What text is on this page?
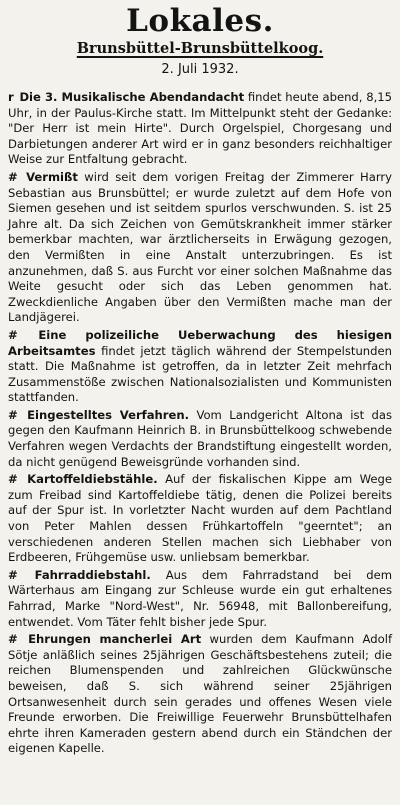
Lokales.
Brunsbüttel-Brunsbüttelkoog.
2. Juli 1932.

r Die 3. Musikalische Abendandacht findet heute abend, 8,15 Uhr, in der Paulus-Kirche statt. Im Mittelpunkt steht der Gedanke: "Der Herr ist mein Hirte". Durch Orgelspiel, Chorgesang und Darbietungen anderer Art wird er in ganz besonders reichhaltiger Weise zur Entfaltung gebracht.

# Vermißt wird seit dem vorigen Freitag der Zimmerer Harry Sebastian aus Brunsbüttel; er wurde zuletzt auf dem Hofe von Siemen gesehen und ist seitdem spurlos verschwunden. S. ist 25 Jahre alt. Da sich Zeichen von Gemütskrankheit immer stärker bemerkbar machten, war ärztlicherseits in Erwägung gezogen, den Vermißten in eine Anstalt unterzubringen. Es ist anzunehmen, daß S. aus Furcht vor einer solchen Maßnahme das Weite gesucht oder sich das Leben genommen hat. Zweckdienliche Angaben über den Vermißten mache man der Landjägerei.

# Eine polizeiliche Ueberwachung des hiesigen Arbeitsamtes findet jetzt täglich während der Stempelstunden statt. Die Maßnahme ist getroffen, da in letzter Zeit mehrfach Zusammenstöße zwischen Nationalsozialisten und Kommunisten stattfanden.

# Eingestelltes Verfahren. Vom Landgericht Altona ist das gegen den Kaufmann Heinrich B. in Brunsbüttelkoog schwebende Verfahren wegen Verdachts der Brandstiftung eingestellt worden, da nicht genügend Beweisgründe vorhanden sind.

# Kartoffeldiebstähle. Auf der fiskalischen Kippe am Wege zum Freibad sind Kartoffeldiebe tätig, denen die Polizei bereits auf der Spur ist. In vorletzter Nacht wurden auf dem Pachtland von Peter Mahlen dessen Frühkartoffeln "geerntet"; an verschiedenen anderen Stellen machen sich Liebhaber von Erdbeeren, Frühgemüse usw. unliebsam bemerkbar.

# Fahrraddiebstahl. Aus dem Fahrradstand bei dem Wärterhaus am Eingang zur Schleuse wurde ein gut erhaltenes Fahrrad, Marke "Nord-West", Nr. 56948, mit Ballonbereifung, entwendet. Vom Täter fehlt bisher jede Spur.

# Ehrungen mancherlei Art wurden dem Kaufmann Adolf Sötje anläßlich seines 25jährigen Geschäftsbestehens zuteil; die reichen Blumenspenden und zahlreichen Glückwünsche beweisen, daß S. sich während seiner 25jährigen Ortsanwesenheit durch sein gerades und offenes Wesen viele Freunde erworben. Die Freiwillige Feuerwehr Brunsbüttelhafen ehrte ihren Kameraden gestern abend durch ein Ständchen der eigenen Kapelle.
